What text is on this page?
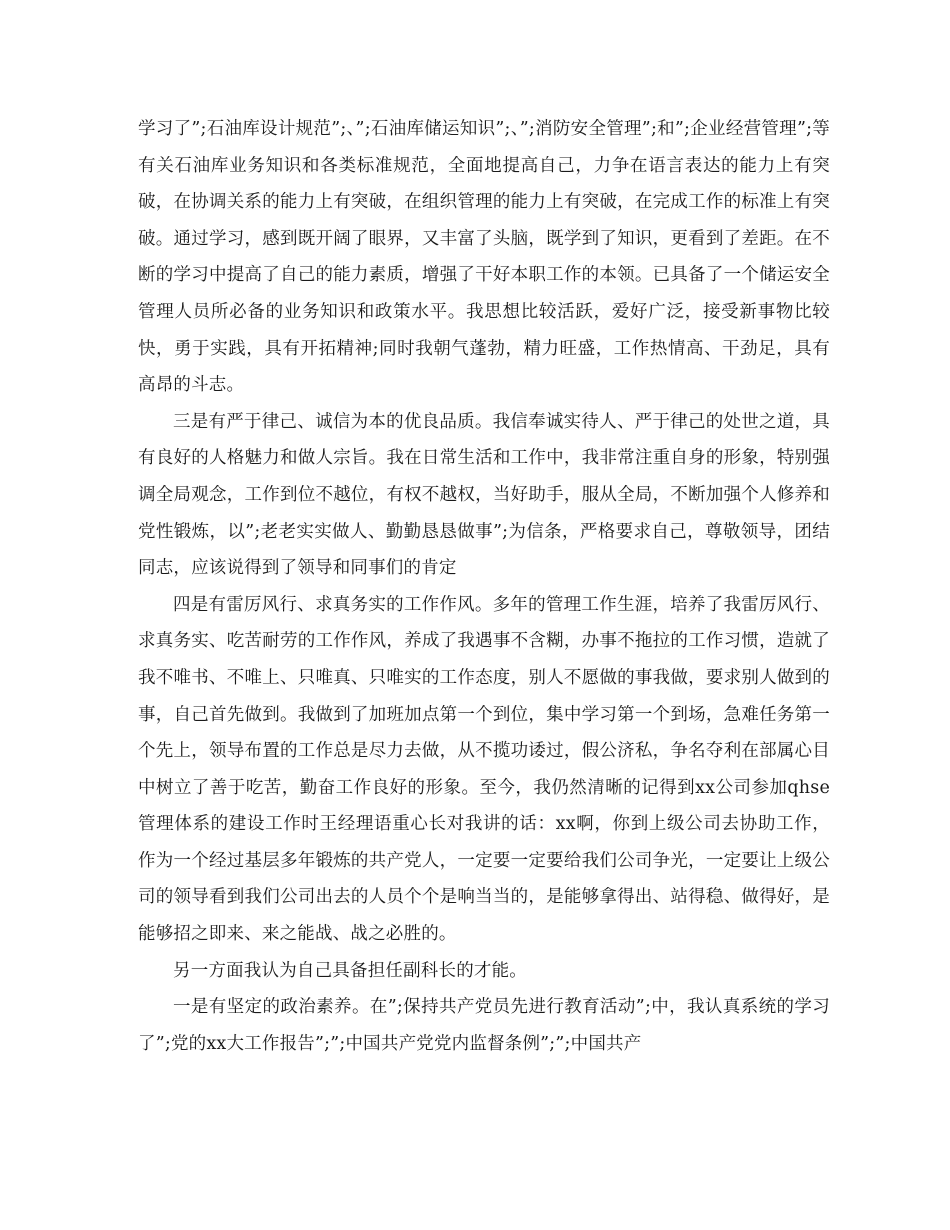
学习了”;石油库设计规范”;、”;石油库储运知识”;、”;消防安全管理”;和”;企业经营管理”;等有关石油库业务知识和各类标准规范，全面地提高自己，力争在语言表达的能力上有突破，在协调关系的能力上有突破，在组织管理的能力上有突破，在完成工作的标准上有突破。通过学习，感到既开阔了眼界，又丰富了头脑，既学到了知识，更看到了差距。在不断的学习中提高了自己的能力素质，增强了干好本职工作的本领。已具备了一个储运安全管理人员所必备的业务知识和政策水平。我思想比较活跃，爱好广泛，接受新事物比较快，勇于实践，具有开拓精神;同时我朝气蓬勃，精力旺盛，工作热情高、干劲足，具有高昂的斗志。

三是有严于律己、诚信为本的优良品质。我信奉诚实待人、严于律己的处世之道，具有良好的人格魅力和做人宗旨。我在日常生活和工作中，我非常注重自身的形象，特别强调全局观念，工作到位不越位，有权不越权，当好助手，服从全局，不断加强个人修养和党性锻炼，以”;老老实实做人、勤勤恳恳做事”;为信条，严格要求自己，尊敬领导，团结同志，应该说得到了领导和同事们的肯定

四是有雷厉风行、求真务实的工作作风。多年的管理工作生涯，培养了我雷厉风行、求真务实、吃苦耐劳的工作作风，养成了我遇事不含糊，办事不拖拉的工作习惯，造就了我不唯书、不唯上、只唯真、只唯实的工作态度，别人不愿做的事我做，要求别人做到的事，自己首先做到。我做到了加班加点第一个到位，集中学习第一个到场，急难任务第一个先上，领导布置的工作总是尽力去做，从不揽功诿过，假公济私，争名夺利在部属心目中树立了善于吃苦，勤奋工作良好的形象。至今，我仍然清晰的记得到xx公司参加qhse管理体系的建设工作时王经理语重心长对我讲的话：xx啊，你到上级公司去协助工作，作为一个经过基层多年锻炼的共产党人，一定要一定要给我们公司争光，一定要让上级公司的领导看到我们公司出去的人员个个是响当当的，是能够拿得出、站得稳、做得好，是能够招之即来、来之能战、战之必胜的。

另一方面我认为自己具备担任副科长的才能。

一是有坚定的政治素养。在”;保持共产党员先进行教育活动”;中，我认真系统的学习了”;党的xx大工作报告”;”;中国共产党党内监督条例”;”;中国共产
